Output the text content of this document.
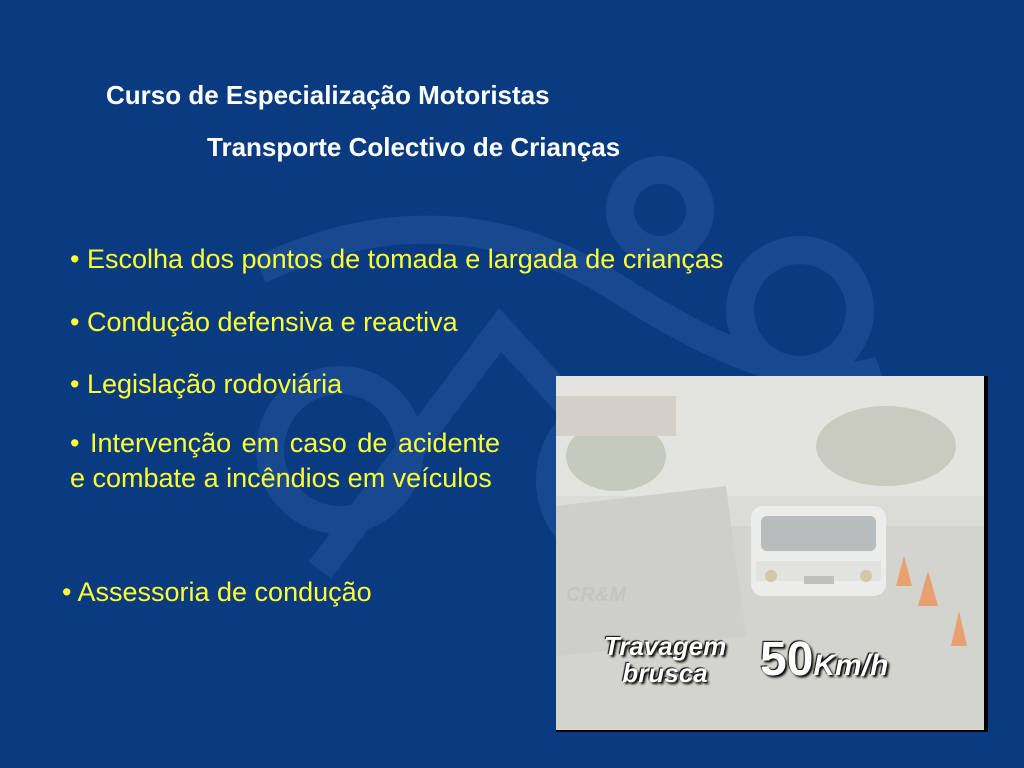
Curso de Especialização Motoristas
Transporte Colectivo de Crianças
• Escolha dos pontos de tomada e largada de crianças
• Condução defensiva e reactiva
• Legislação rodoviária
• Intervenção em caso de acidente e combate a incêndios em veículos
• Assessoria de condução	CR&M
Travagem
brusca	50Km/h
